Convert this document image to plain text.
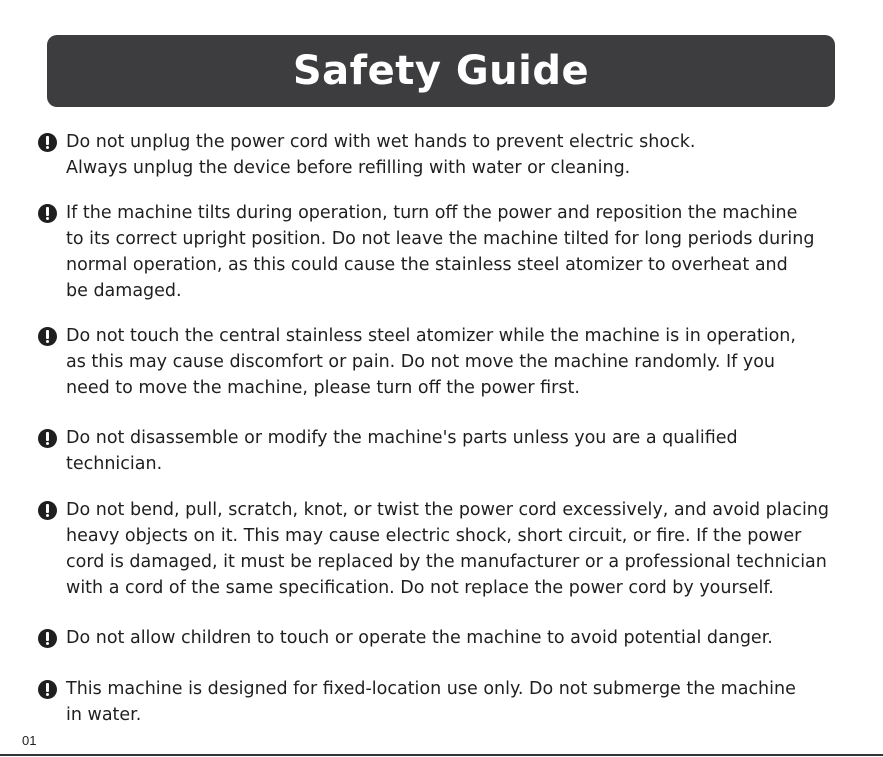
Safety Guide

Do not unplug the power cord with wet hands to prevent electric shock.
Always unplug the device before refilling with water or cleaning.

If the machine tilts during operation, turn off the power and reposition the machine
to its correct upright position. Do not leave the machine tilted for long periods during
normal operation, as this could cause the stainless steel atomizer to overheat and
be damaged.

Do not touch the central stainless steel atomizer while the machine is in operation,
as this may cause discomfort or pain. Do not move the machine randomly. If you
need to move the machine, please turn off the power first.

Do not disassemble or modify the machine's parts unless you are a qualified
technician.

Do not bend, pull, scratch, knot, or twist the power cord excessively, and avoid placing
heavy objects on it. This may cause electric shock, short circuit, or fire. If the power
cord is damaged, it must be replaced by the manufacturer or a professional technician
with a cord of the same specification. Do not replace the power cord by yourself.

Do not allow children to touch or operate the machine to avoid potential danger.

This machine is designed for fixed-location use only. Do not submerge the machine
in water.

01
